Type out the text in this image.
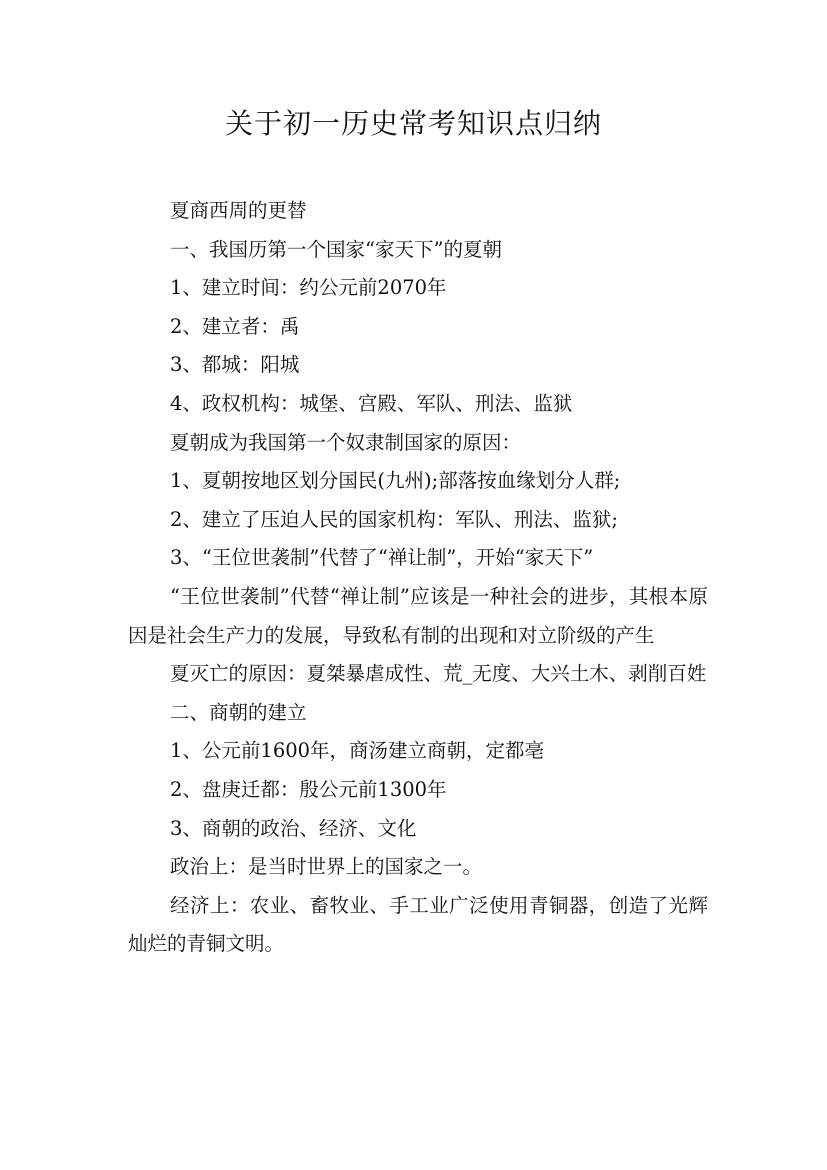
关于初一历史常考知识点归纳

夏商西周的更替

一、我国历第一个国家“家天下”的夏朝

1、建立时间：约公元前2070年

2、建立者：禹

3、都城：阳城

4、政权机构：城堡、宫殿、军队、刑法、监狱

夏朝成为我国第一个奴隶制国家的原因：

1、夏朝按地区划分国民(九州);部落按血缘划分人群;

2、建立了压迫人民的国家机构：军队、刑法、监狱;

3、“王位世袭制”代替了“禅让制”，开始“家天下”

“王位世袭制”代替“禅让制”应该是一种社会的进步，其根本原因是社会生产力的发展，导致私有制的出现和对立阶级的产生

夏灭亡的原因：夏桀暴虐成性、荒_无度、大兴土木、剥削百姓

二、商朝的建立

1、公元前1600年，商汤建立商朝，定都亳

2、盘庚迁都：殷公元前1300年

3、商朝的政治、经济、文化

政治上：是当时世界上的国家之一。

经济上：农业、畜牧业、手工业广泛使用青铜器，创造了光辉灿烂的青铜文明。
